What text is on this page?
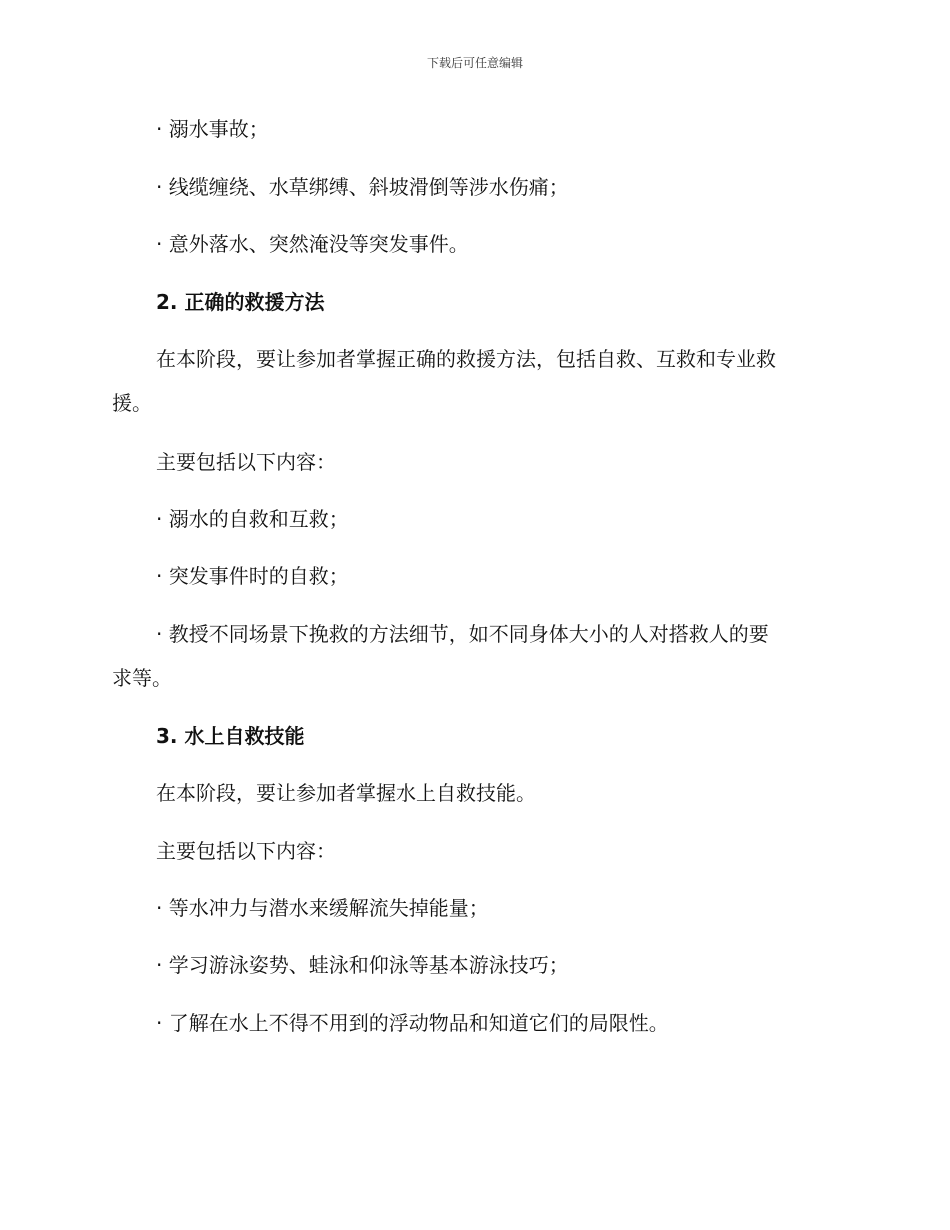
下载后可任意编辑
· 溺水事故；
· 线缆缠绕、水草绑缚、斜坡滑倒等涉水伤痛；
· 意外落水、突然淹没等突发事件。
2. 正确的救援方法
在本阶段，要让参加者掌握正确的救援方法，包括自救、互救和专业救
援。
主要包括以下内容：
· 溺水的自救和互救；
· 突发事件时的自救；
· 教授不同场景下挽救的方法细节，如不同身体大小的人对搭救人的要
求等。
3. 水上自救技能
在本阶段，要让参加者掌握水上自救技能。
主要包括以下内容：
· 等水冲力与潜水来缓解流失掉能量；
· 学习游泳姿势、蛙泳和仰泳等基本游泳技巧；
· 了解在水上不得不用到的浮动物品和知道它们的局限性。
